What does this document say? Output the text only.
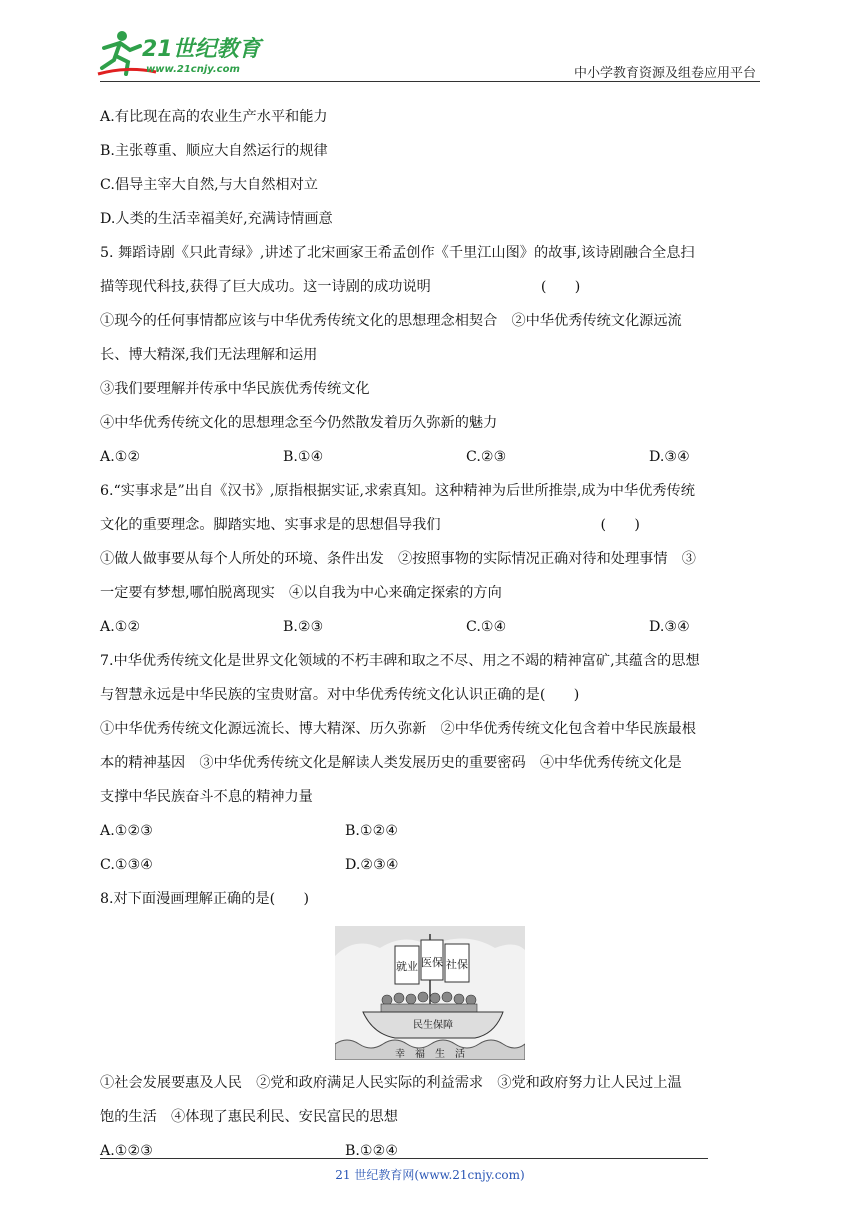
21世纪教育
www.21cnjy.com	中小学教育资源及组卷应用平台

A.有比现在高的农业生产水平和能力

B.主张尊重、顺应大自然运行的规律

C.倡导主宰大自然,与大自然相对立

D.人类的生活幸福美好,充满诗情画意

5. 舞蹈诗剧《只此青绿》,讲述了北宋画家王希孟创作《千里江山图》的故事,该诗剧融合全息扫

描等现代科技,获得了巨大成功。这一诗剧的成功说明	(　　)

①现今的任何事情都应该与中华优秀传统文化的思想理念相契合　②中华优秀传统文化源远流

长、博大精深,我们无法理解和运用

③我们要理解并传承中华民族优秀传统文化

④中华优秀传统文化的思想理念至今仍然散发着历久弥新的魅力

A.①②	B.①④	C.②③	D.③④

6.“实事求是”出自《汉书》,原指根据实证,求索真知。这种精神为后世所推崇,成为中华优秀传统

文化的重要理念。脚踏实地、实事求是的思想倡导我们	(　　)

①做人做事要从每个人所处的环境、条件出发　②按照事物的实际情况正确对待和处理事情　③

一定要有梦想,哪怕脱离现实　④以自我为中心来确定探索的方向

A.①②	B.②③	C.①④	D.③④

7.中华优秀传统文化是世界文化领域的不朽丰碑和取之不尽、用之不竭的精神富矿,其蕴含的思想

与智慧永远是中华民族的宝贵财富。对中华优秀传统文化认识正确的是(　　)

①中华优秀传统文化源远流长、博大精深、历久弥新　②中华优秀传统文化包含着中华民族最根

本的精神基因　③中华优秀传统文化是解读人类发展历史的重要密码　④中华优秀传统文化是

支撑中华民族奋斗不息的精神力量

A.①②③	B.①②④
C.①③④	D.②③④

8.对下面漫画理解正确的是(　　)

就业 医保 社保
民生保障
幸　福　生　活

①社会发展要惠及人民　②党和政府满足人民实际的利益需求　③党和政府努力让人民过上温

饱的生活　④体现了惠民利民、安民富民的思想

A.①②③	B.①②④
21 世纪教育网(www.21cnjy.com)
